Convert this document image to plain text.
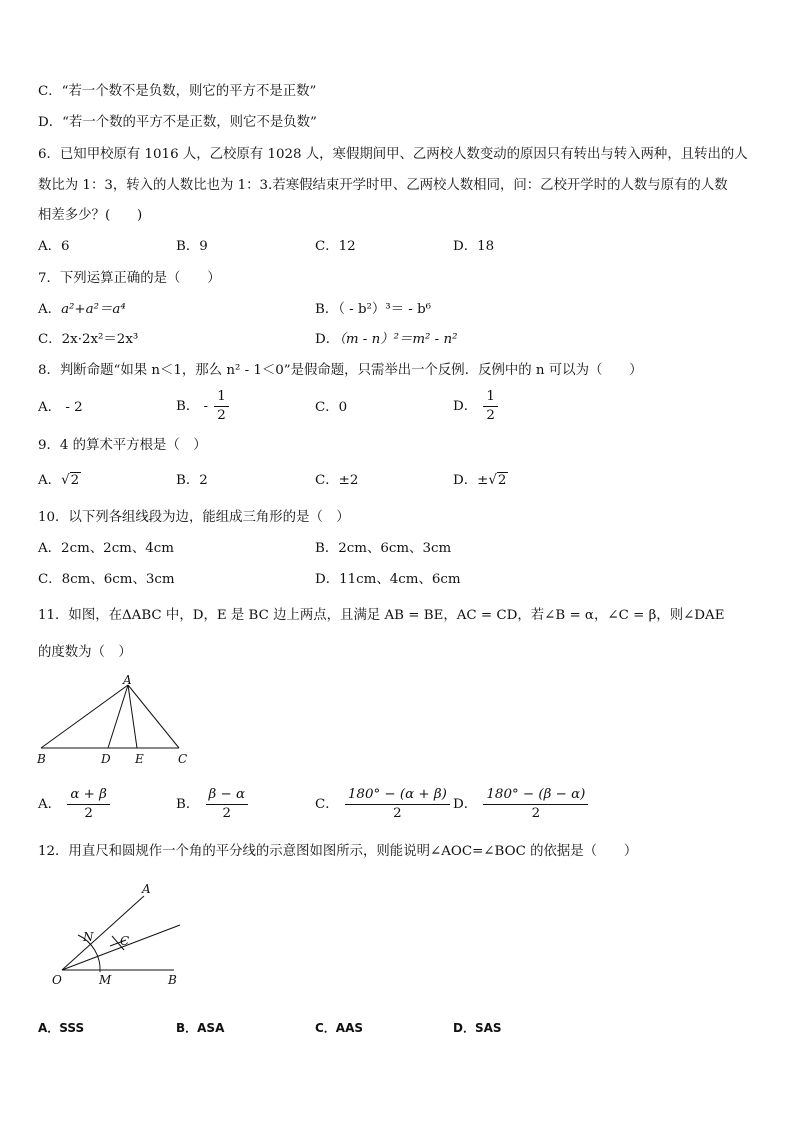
C．“若一个数不是负数，则它的平方不是正数”
D．“若一个数的平方不是正数，则它不是负数”
6．已知甲校原有 1016 人，乙校原有 1028 人，寒假期间甲、乙两校人数变动的原因只有转出与转入两种，且转出的人
数比为 1：3，转入的人数比也为 1：3.若寒假结束开学时甲、乙两校人数相同，问：乙校开学时的人数与原有的人数
相差多少？(　　)
A．6	B．9	C．12	D．18
7．下列运算正确的是（　　）
A．a²+a²＝a⁴	B．（ - b²）³＝ - b⁶
C．2x·2x²＝2x³	D．（m - n）²＝m² - n²
8．判断命题“如果 n＜1，那么 n² - 1＜0”是假命题，只需举出一个反例．反例中的 n 可以为（　　）
A． - 2	B． - $\frac{1}{2}$	C．0	D． $\frac{1}{2}$
9．4 的算术平方根是（　）
A．√2	B．2	C．±2	D．±√2
10．以下列各组线段为边，能组成三角形的是（　）
A．2cm、2cm、4cm	B．2cm、6cm、3cm
C．8cm、6cm、3cm	D．11cm、4cm、6cm
11．如图，在ΔABC 中，D，E 是 BC 边上两点，且满足 AB = BE，AC = CD，若∠B = α，∠C = β，则∠DAE
的度数为（　）
A
B	D E	C
A． $\frac{\alpha + \beta}{2}$	B． $\frac{\beta - \alpha}{2}$	C． $\frac{180^\circ - (\alpha + \beta)}{2}$ D． $\frac{180^\circ - (\beta - \alpha)}{2}$
12．用直尺和圆规作一个角的平分线的示意图如图所示，则能说明∠AOC=∠BOC 的依据是（　　）
A
N C
O	M	B
A．SSS	B．ASA	C．AAS	D．SAS
